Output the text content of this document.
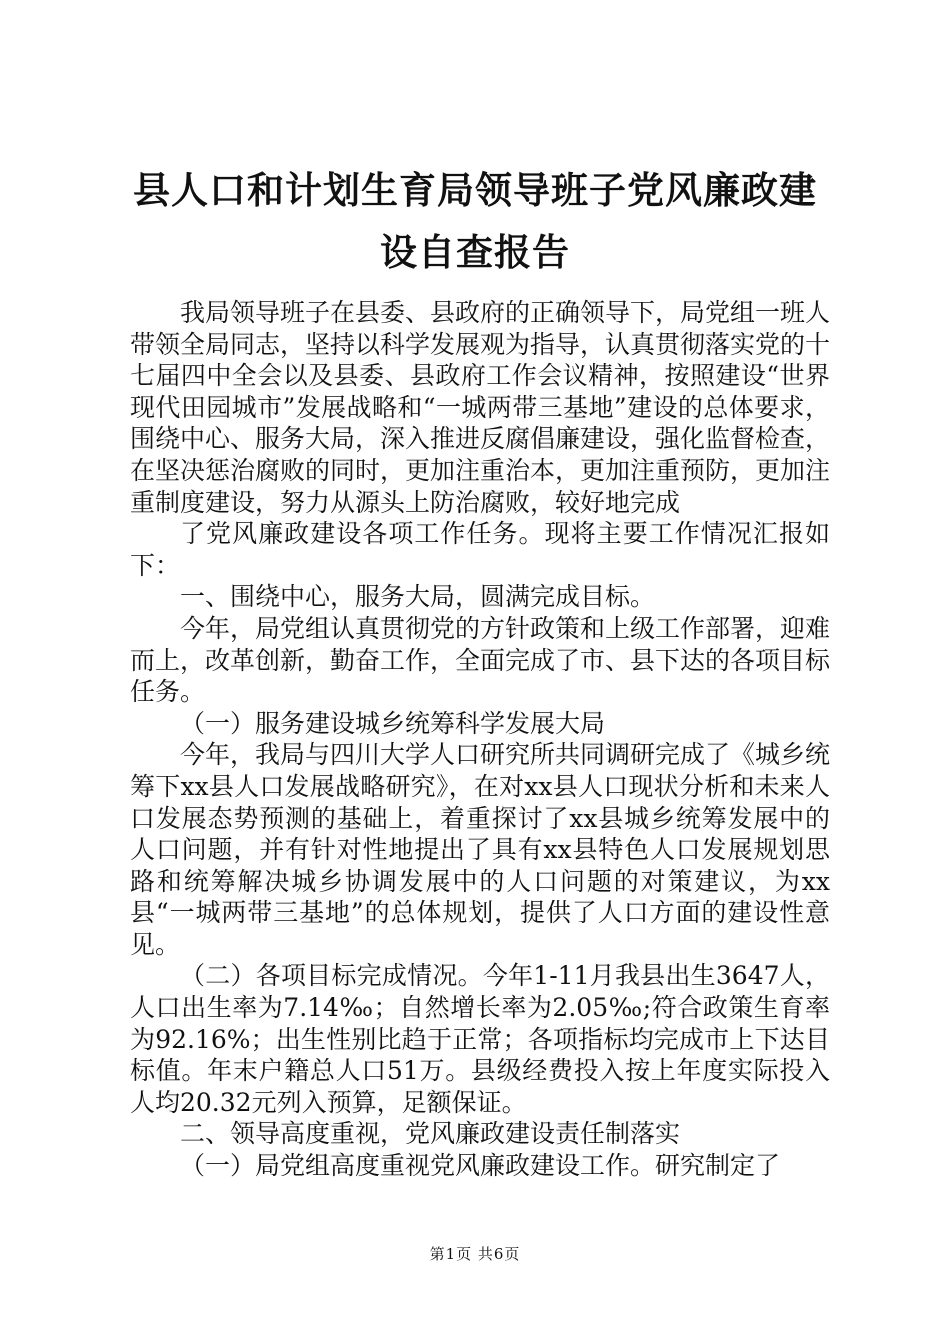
县人口和计划生育局领导班子党风廉政建设自查报告

我局领导班子在县委、县政府的正确领导下，局党组一班人带领全局同志，坚持以科学发展观为指导，认真贯彻落实党的十七届四中全会以及县委、县政府工作会议精神，按照建设“世界现代田园城市”发展战略和“一城两带三基地”建设的总体要求，围绕中心、服务大局，深入推进反腐倡廉建设，强化监督检查，在坚决惩治腐败的同时，更加注重治本，更加注重预防，更加注重制度建设，努力从源头上防治腐败，较好地完成

了党风廉政建设各项工作任务。现将主要工作情况汇报如下：

一、围绕中心，服务大局，圆满完成目标。

今年，局党组认真贯彻党的方针政策和上级工作部署，迎难而上，改革创新，勤奋工作，全面完成了市、县下达的各项目标任务。

（一）服务建设城乡统筹科学发展大局

今年，我局与四川大学人口研究所共同调研完成了《城乡统筹下xx县人口发展战略研究》，在对xx县人口现状分析和未来人口发展态势预测的基础上，着重探讨了xx县城乡统筹发展中的人口问题，并有针对性地提出了具有xx县特色人口发展规划思路和统筹解决城乡协调发展中的人口问题的对策建议，为xx县“一城两带三基地”的总体规划，提供了人口方面的建设性意见。

（二）各项目标完成情况。今年1-11月我县出生3647人，人口出生率为7.14‰；自然增长率为2.05‰;符合政策生育率为92.16%；出生性别比趋于正常；各项指标均完成市上下达目标值。年末户籍总人口51万。县级经费投入按上年度实际投入人均20.32元列入预算，足额保证。

二、领导高度重视，党风廉政建设责任制落实

（一）局党组高度重视党风廉政建设工作。研究制定了

第1页 共6页
